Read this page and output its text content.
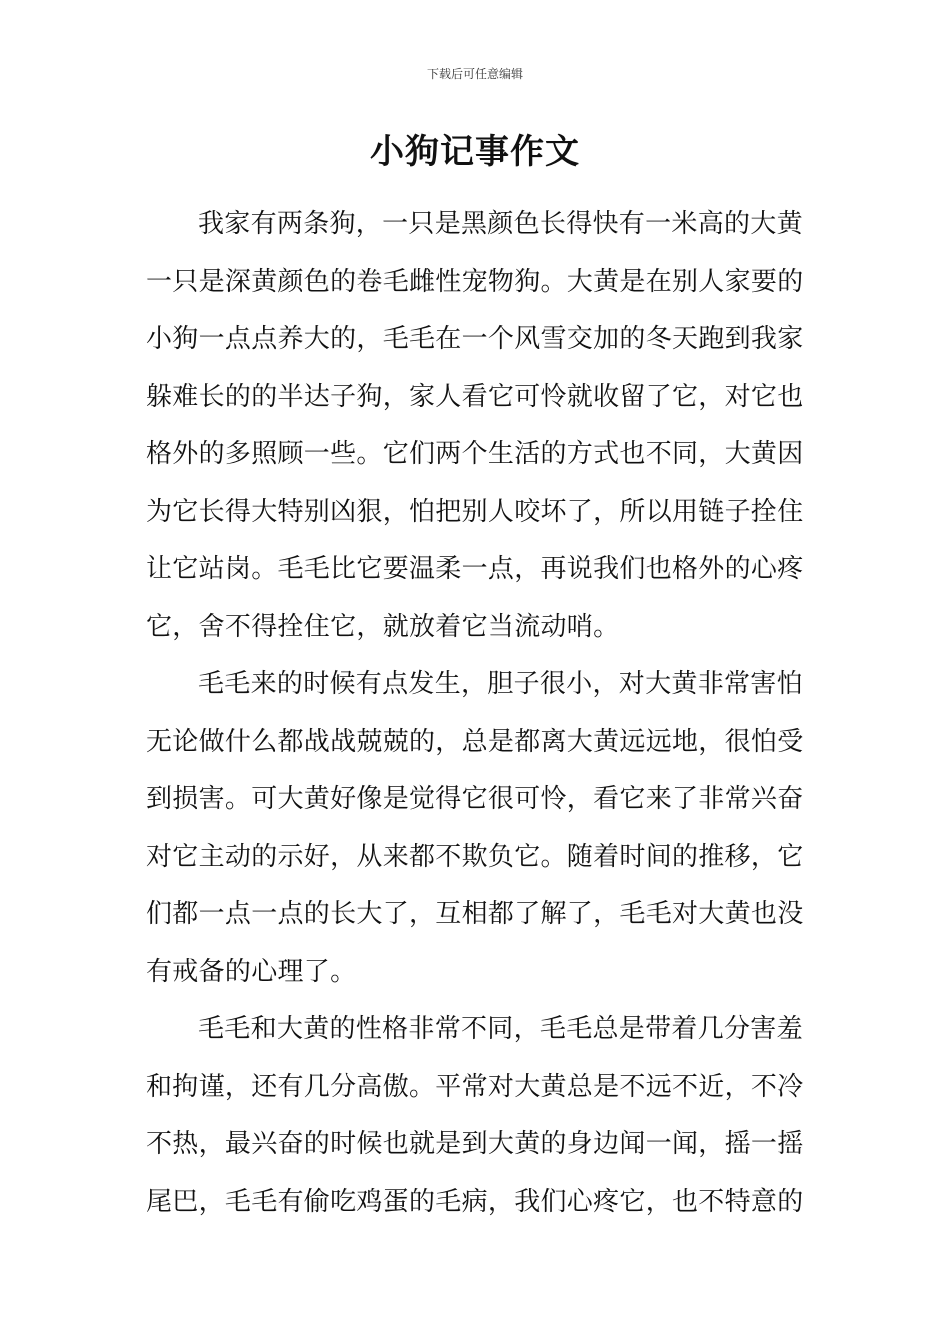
下载后可任意编辑
小狗记事作文

我家有两条狗，一只是黑颜色长得快有一米高的大黄
一只是深黄颜色的卷毛雌性宠物狗。大黄是在别人家要的
小狗一点点养大的，毛毛在一个风雪交加的冬天跑到我家
躲难长的的半达子狗，家人看它可怜就收留了它，对它也
格外的多照顾一些。它们两个生活的方式也不同，大黄因
为它长得大特别凶狠，怕把别人咬坏了，所以用链子拴住
让它站岗。毛毛比它要温柔一点，再说我们也格外的心疼
它，舍不得拴住它，就放着它当流动哨。

毛毛来的时候有点发生，胆子很小，对大黄非常害怕
无论做什么都战战兢兢的，总是都离大黄远远地，很怕受
到损害。可大黄好像是觉得它很可怜，看它来了非常兴奋
对它主动的示好，从来都不欺负它。随着时间的推移，它
们都一点一点的长大了，互相都了解了，毛毛对大黄也没
有戒备的心理了。

毛毛和大黄的性格非常不同，毛毛总是带着几分害羞
和拘谨，还有几分高傲。平常对大黄总是不远不近，不冷
不热，最兴奋的时候也就是到大黄的身边闻一闻，摇一摇
尾巴，毛毛有偷吃鸡蛋的毛病，我们心疼它，也不特意的
